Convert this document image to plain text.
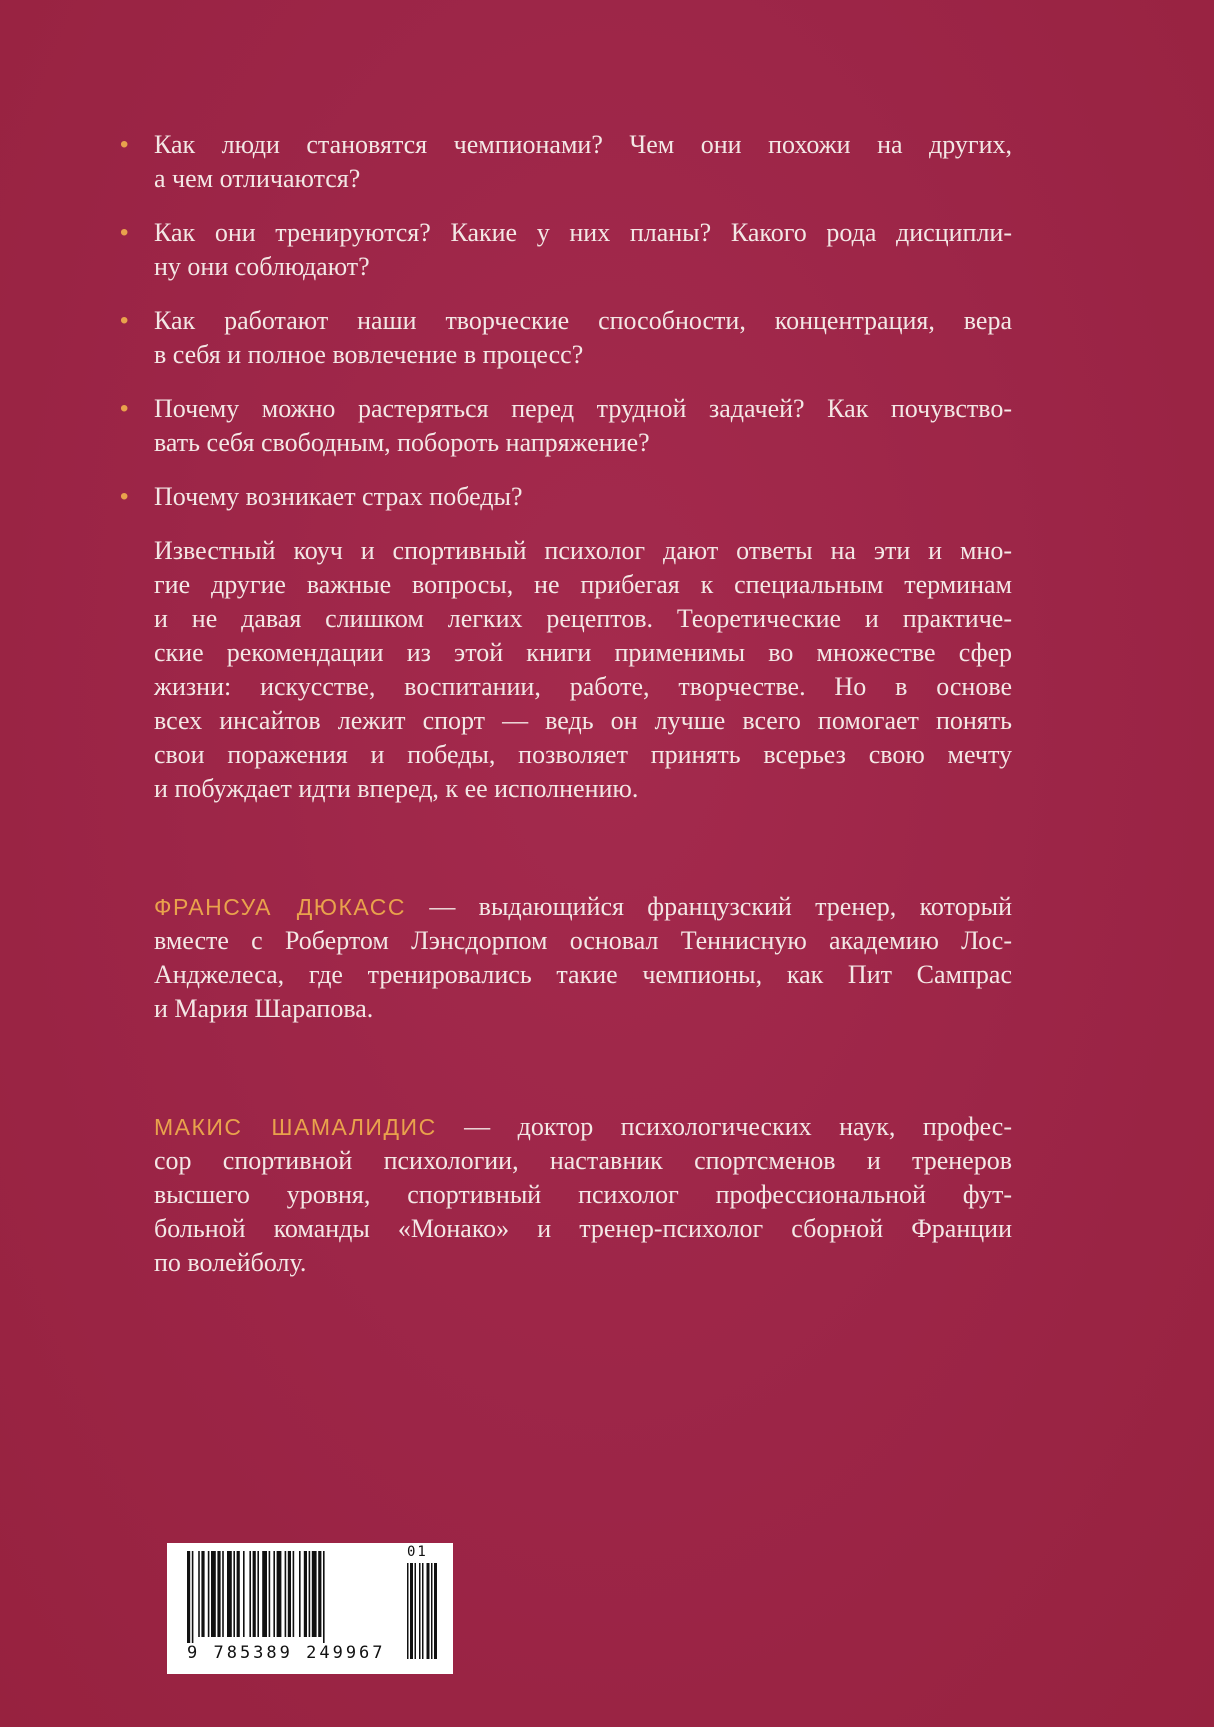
• Как люди становятся чемпионами? Чем они похожи на других,
а чем отличаются?
• Как они тренируются? Какие у них планы? Какого рода дисципли-
ну они соблюдают?
• Как работают наши творческие способности, концентрация, вера
в себя и полное вовлечение в процесс?
• Почему можно растеряться перед трудной задачей? Как почувство-
вать себя свободным, побороть напряжение?
• Почему возникает страх победы?
Известный коуч и спортивный психолог дают ответы на эти и мно-
гие другие важные вопросы, не прибегая к специальным терминам
и не давая слишком легких рецептов. Теоретические и практиче-
ские рекомендации из этой книги применимы во множестве сфер
жизни: искусстве, воспитании, работе, творчестве. Но в основе
всех инсайтов лежит спорт — ведь он лучше всего помогает понять
свои поражения и победы, позволяет принять всерьез свою мечту
и побуждает идти вперед, к ее исполнению.
ФРАНСУА ДЮКАСС — выдающийся французский тренер, который
вместе с Робертом Лэнсдорпом основал Теннисную академию Лос-
Анджелеса, где тренировались такие чемпионы, как Пит Сампрас
и Мария Шарапова.
МАКИС ШАМАЛИДИС — доктор психологических наук, профес-
сор спортивной психологии, наставник спортсменов и тренеров
высшего уровня, спортивный психолог профессиональной фут-
больной команды «Монако» и тренер-психолог сборной Франции
по волейболу.
9 785389 249967
01
